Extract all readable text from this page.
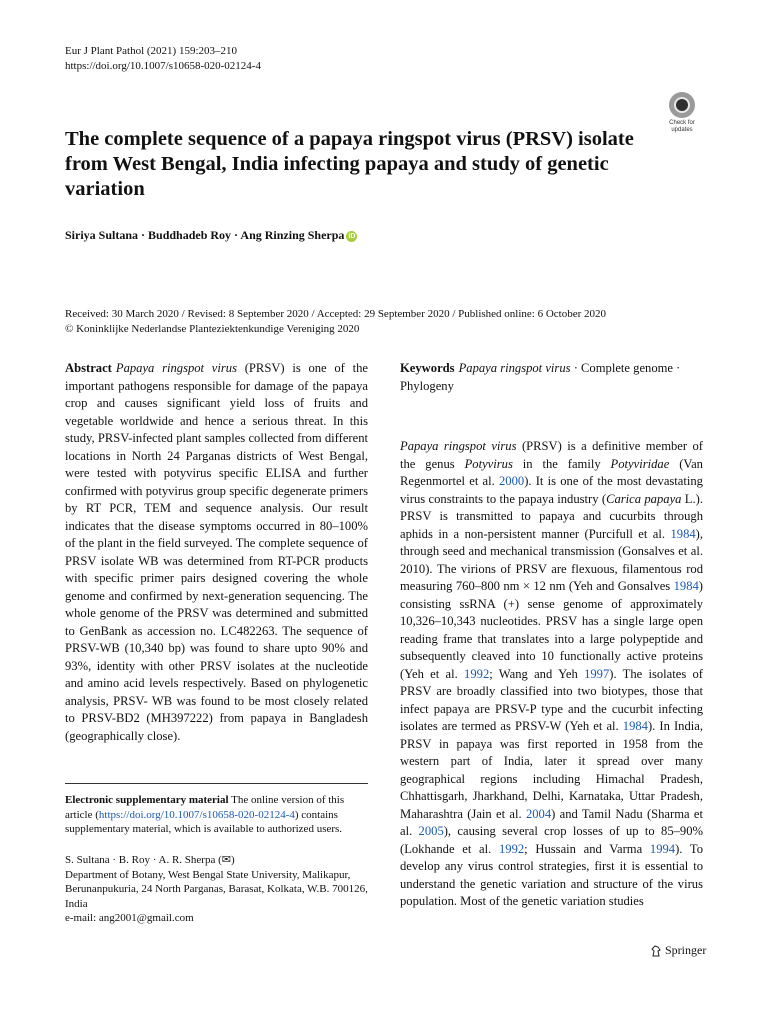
Eur J Plant Pathol (2021) 159:203–210
https://doi.org/10.1007/s10658-020-02124-4
Check for updates
The complete sequence of a papaya ringspot virus (PRSV) isolate from West Bengal, India infecting papaya and study of genetic variation
Siriya Sultana · Buddhadeb Roy · Ang Rinzing Sherpa iD
Received: 30 March 2020 / Revised: 8 September 2020 / Accepted: 29 September 2020 / Published online: 6 October 2020
© Koninklijke Nederlandse Planteziektenkundige Vereniging 2020
Abstract Papaya ringspot virus (PRSV) is one of the important pathogens responsible for damage of the papaya crop and causes significant yield loss of fruits and vegetable worldwide and hence a serious threat. In this study, PRSV-infected plant samples collected from different locations in North 24 Parganas districts of West Bengal, were tested with potyvirus specific ELISA and further confirmed with potyvirus group specific degenerate primers by RT PCR, TEM and sequence analysis. Our result indicates that the disease symptoms occurred in 80–100% of the plant in the field surveyed. The complete sequence of PRSV isolate WB was determined from RT-PCR products with specific primer pairs designed covering the whole genome and confirmed by next-generation sequencing. The whole genome of the PRSV was determined and submitted to GenBank as accession no. LC482263. The sequence of PRSV-WB (10,340 bp) was found to share upto 90% and 93%, identity with other PRSV isolates at the nucleotide and amino acid levels respectively. Based on phylogenetic analysis, PRSV- WB was found to be most closely related to PRSV-BD2 (MH397222) from papaya in Bangladesh (geographically close).
Keywords Papaya ringspot virus · Complete genome · Phylogeny
Papaya ringspot virus (PRSV) is a definitive member of the genus Potyvirus in the family Potyviridae (Van Regenmortel et al. 2000). It is one of the most devastating virus constraints to the papaya industry (Carica papaya L.). PRSV is transmitted to papaya and cucurbits through aphids in a non-persistent manner (Purcifull et al. 1984), through seed and mechanical transmission (Gonsalves et al. 2010). The virions of PRSV are flexuous, filamentous rod measuring 760–800 nm × 12 nm (Yeh and Gonsalves 1984) consisting ssRNA (+) sense genome of approximately 10,326–10,343 nucleotides. PRSV has a single large open reading frame that translates into a large polypeptide and subsequently cleaved into 10 functionally active proteins (Yeh et al. 1992; Wang and Yeh 1997). The isolates of PRSV are broadly classified into two biotypes, those that infect papaya are PRSV-P type and the cucurbit infecting isolates are termed as PRSV-W (Yeh et al. 1984). In India, PRSV in papaya was first reported in 1958 from the western part of India, later it spread over many geographical regions including Himachal Pradesh, Chhattisgarh, Jharkhand, Delhi, Karnataka, Uttar Pradesh, Maharashtra (Jain et al. 2004) and Tamil Nadu (Sharma et al. 2005), causing several crop losses of up to 85–90% (Lokhande et al. 1992; Hussain and Varma 1994). To develop any virus control strategies, first it is essential to understand the genetic variation and structure of the virus population. Most of the genetic variation studies
Electronic supplementary material The online version of this article (https://doi.org/10.1007/s10658-020-02124-4) contains supplementary material, which is available to authorized users.
S. Sultana · B. Roy · A. R. Sherpa (✉)
Department of Botany, West Bengal State University, Malikapur, Berunanpukuria, 24 North Parganas, Barasat, Kolkata, W.B. 700126, India
e-mail: ang2001@gmail.com
Springer
